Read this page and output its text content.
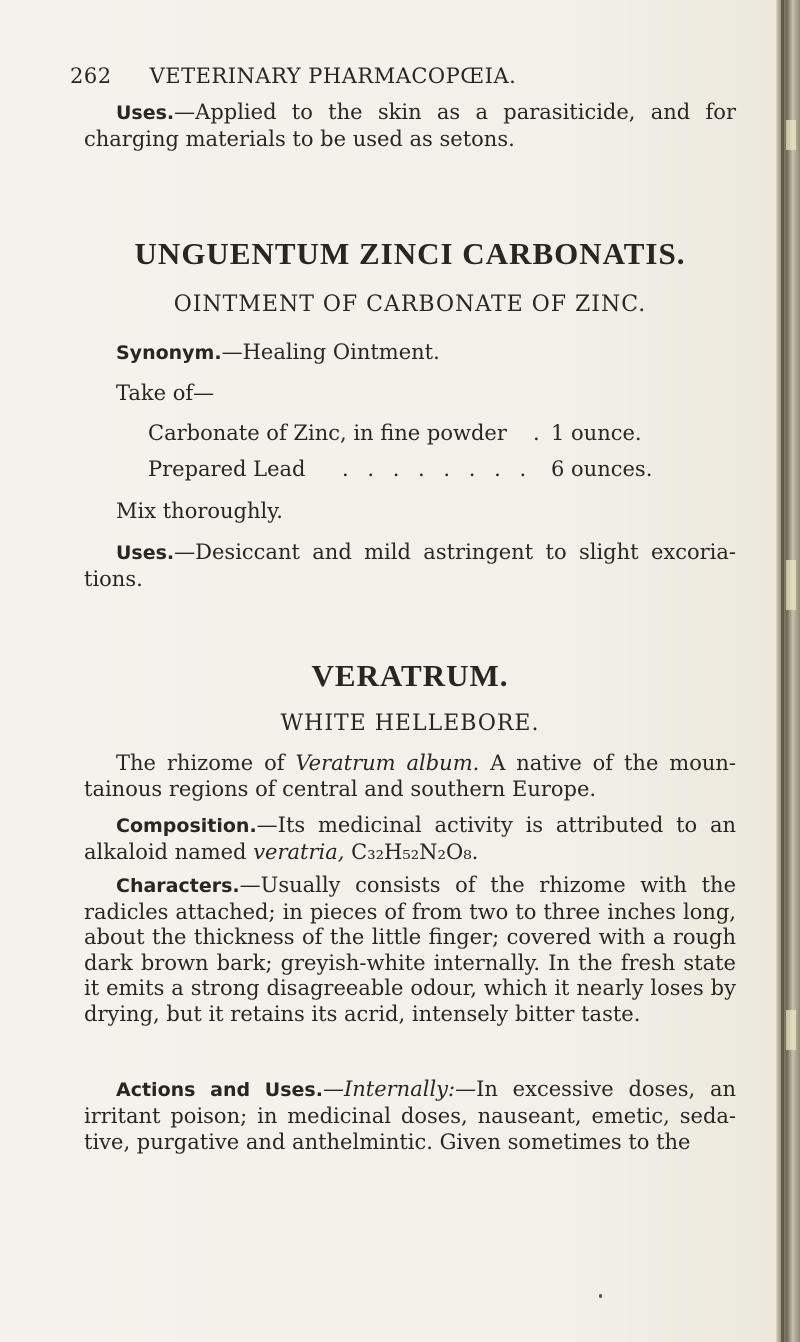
262 VETERINARY PHARMACOPŒIA.
Uses.—Applied to the skin as a parasiticide, and for charging materials to be used as setons.
UNGUENTUM ZINCI CARBONATIS.
OINTMENT OF CARBONATE OF ZINC.
Synonym.—Healing Ointment.
Take of—
Carbonate of Zinc, in fine powder . 1 ounce.
Prepared Lead . . . . . . . . 6 ounces.
Mix thoroughly.
Uses.—Desiccant and mild astringent to slight excoria-tions.
VERATRUM.
WHITE HELLEBORE.
The rhizome of Veratrum album. A native of the moun-tainous regions of central and southern Europe.
Composition.—Its medicinal activity is attributed to an alkaloid named veratria, C₃₂H₅₂N₂O₈.
Characters.—Usually consists of the rhizome with the radicles attached; in pieces of from two to three inches long, about the thickness of the little finger; covered with a rough dark brown bark; greyish-white internally. In the fresh state it emits a strong disagreeable odour, which it nearly loses by drying, but it retains its acrid, intensely bitter taste.
Actions and Uses.—Internally:—In excessive doses, an irritant poison; in medicinal doses, nauseant, emetic, seda-tive, purgative and anthelmintic. Given sometimes to the
